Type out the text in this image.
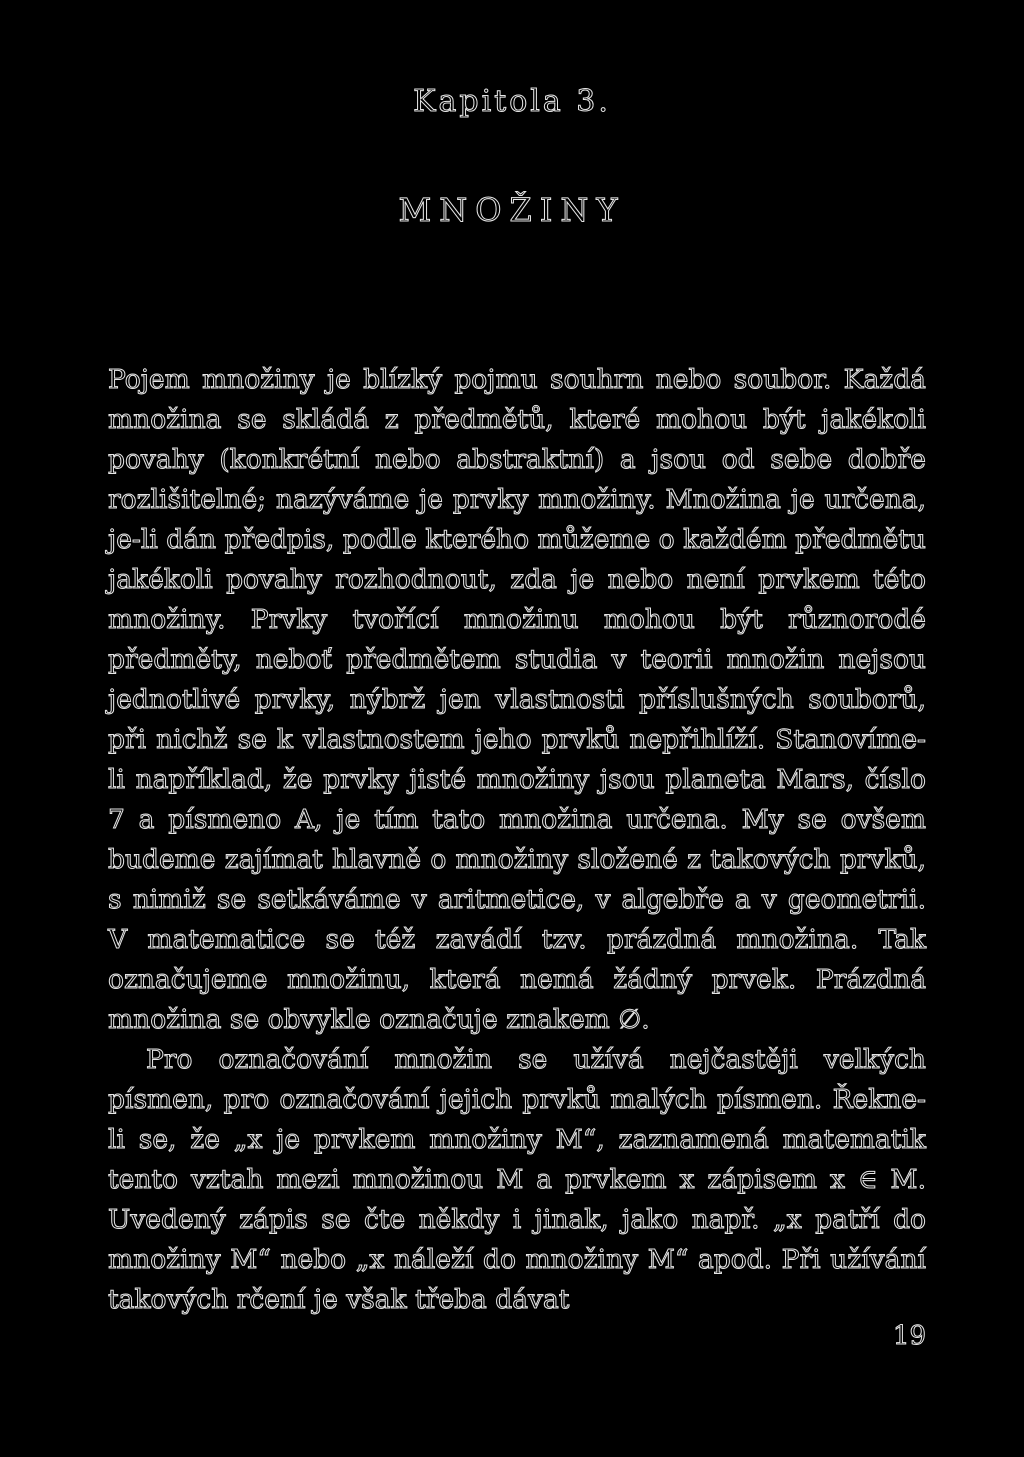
Kapitola 3.
MNOŽINY

Pojem množiny je blízký pojmu souhrn nebo soubor. Každá množina se skládá z předmětů, které mohou být jakékoli povahy (konkrétní nebo abstraktní) a jsou od sebe dobře rozlišitelné; nazýváme je prvky množiny. Množina je určena, je-li dán předpis, podle kterého můžeme o každém předmětu jakékoli povahy rozhodnout, zda je nebo není prvkem této množiny. Prvky tvořící množinu mohou být různorodé předměty, neboť předmětem studia v teorii množin nejsou jednotlivé prvky, nýbrž jen vlastnosti příslušných souborů, při nichž se k vlastnostem jeho prvků nepřihlíží. Stanovíme-li například, že prvky jisté množiny jsou planeta Mars, číslo 7 a písmeno A, je tím tato množina určena. My se ovšem budeme zajímat hlavně o množiny složené z takových prvků, s nimiž se setkáváme v aritmetice, v algebře a v geometrii. V matematice se též zavádí tzv. prázdná množina. Tak označujeme množinu, která nemá žádný prvek. Prázdná množina se obvykle označuje znakem ∅.

Pro označování množin se užívá nejčastěji velkých písmen, pro označování jejich prvků malých písmen. Řekne-li se, že „x je prvkem množiny M“, zaznamená matematik tento vztah mezi množinou M a prvkem x zápisem x ∈ M. Uvedený zápis se čte někdy i jinak, jako např. „x patří do množiny M“ nebo „x náleží do množiny M“ apod. Při užívání takových rčení je však třeba dávat

19
